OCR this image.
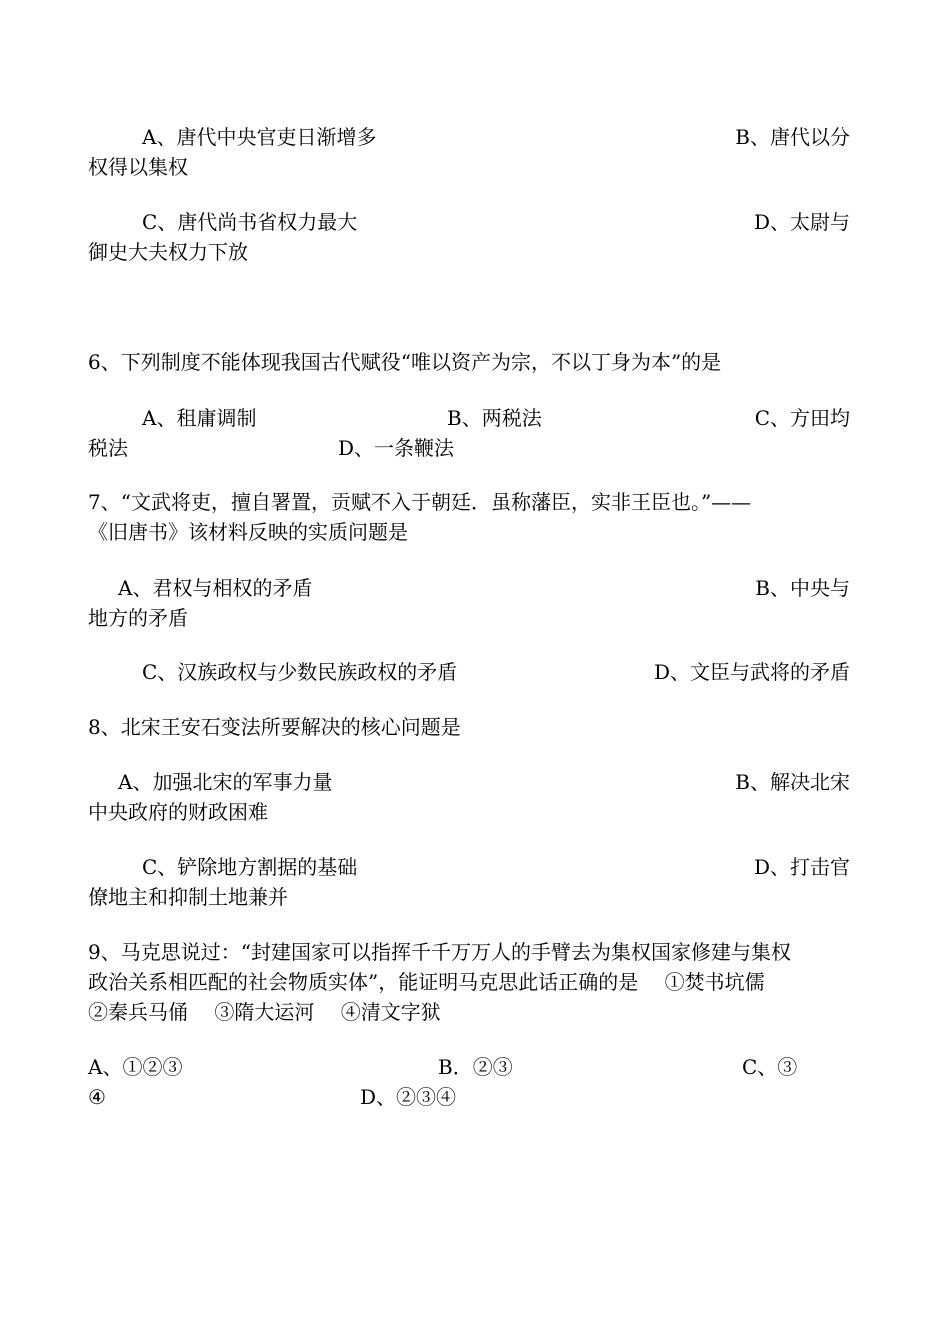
A、唐代中央官吏日渐增多	B、唐代以分
权得以集权
C、唐代尚书省权力最大	D、太尉与
御史大夫权力下放
6、下列制度不能体现我国古代赋役“唯以资产为宗，不以丁身为本”的是
A、租庸调制	B、两税法	C、方田均
税法	D、一条鞭法
7、“文武将吏，擅自署置，贡赋不入于朝廷．虽称藩臣，实非王臣也。”——
《旧唐书》该材料反映的实质问题是
A、君权与相权的矛盾	B、中央与
地方的矛盾
C、汉族政权与少数民族政权的矛盾	D、文臣与武将的矛盾
8、北宋王安石变法所要解决的核心问题是
A、加强北宋的军事力量	B、解决北宋
中央政府的财政困难
C、铲除地方割据的基础	D、打击官
僚地主和抑制土地兼并
9、马克思说过：“封建国家可以指挥千千万万人的手臂去为集权国家修建与集权
政治关系相匹配的社会物质实体”，能证明马克思此话正确的是　 ①焚书坑儒
②秦兵马俑　 ③隋大运河　 ④清文字狱
A、①②③	B．②③	C、③
④	D、②③④
